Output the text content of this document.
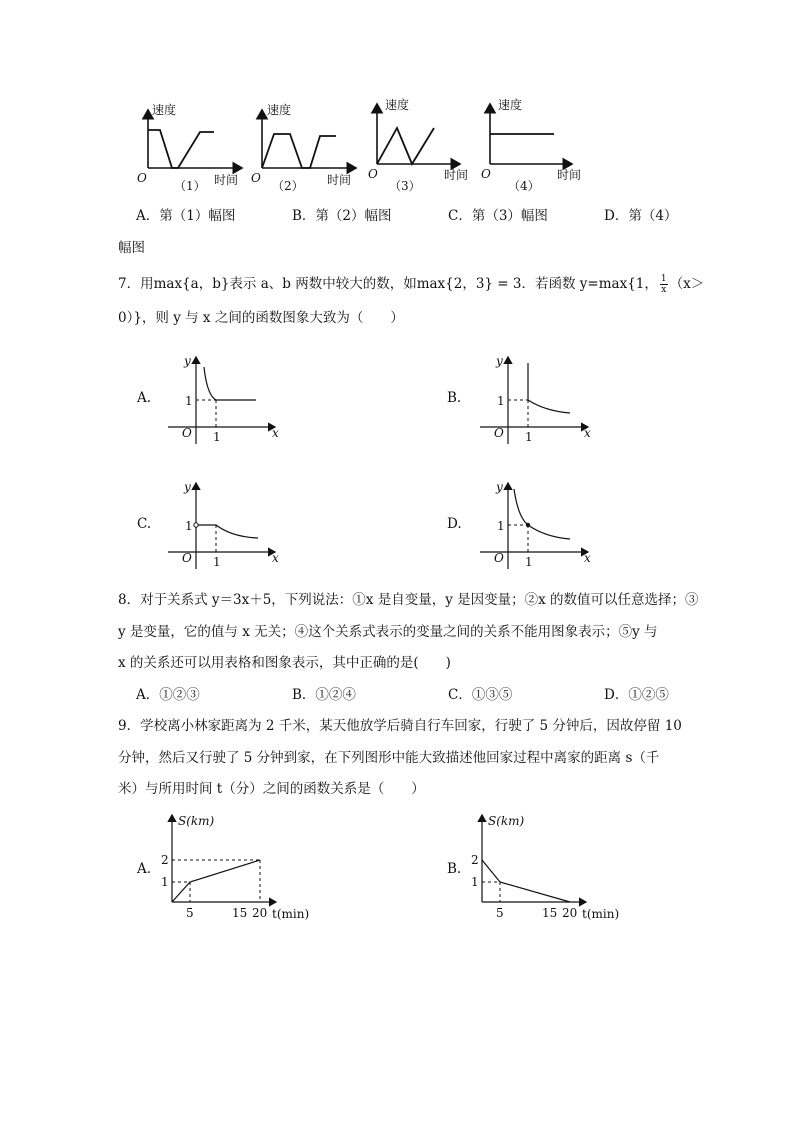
速度
时间
O
（1）
速度
时间
O
（2）
速度
时间
O
（3）
速度
时间
O
（4）
A．第（1）幅图	B．第（2）幅图	C．第（3）幅图	D．第（4）
幅图
7．用max{a，b}表示 a、b 两数中较大的数，如max{2，3} = 3．若函数 y=max{1， $\frac{1}{x} (x>$
0）}，则 y 与 x 之间的函数图象大致为（　　）
A.
y
x
O
1
1
B.
y
x
O
1
1
C.
y
x
O
1
1
D.
y
x
O
1
1
8．对于关系式 y＝3x＋5，下列说法：①x 是自变量，y 是因变量；②x 的数值可以任意选择；③
y 是变量，它的值与 x 无关；④这个关系式表示的变量之间的关系不能用图象表示；⑤y 与
x 的关系还可以用表格和图象表示，其中正确的是(　　)
A．①②③	B．①②④	C．①③⑤	D．①②⑤
9．学校离小林家距离为 2 千米，某天他放学后骑自行车回家，行驶了 5 分钟后，因故停留 10
分钟，然后又行驶了 5 分钟到家，在下列图形中能大致描述他回家过程中离家的距离 s（千
米）与所用时间 t（分）之间的函数关系是（　　）
A.
S(km)
t(min)
1
2
5	15 20
B.
S(km)
t(min)
1
2
5	15 20
